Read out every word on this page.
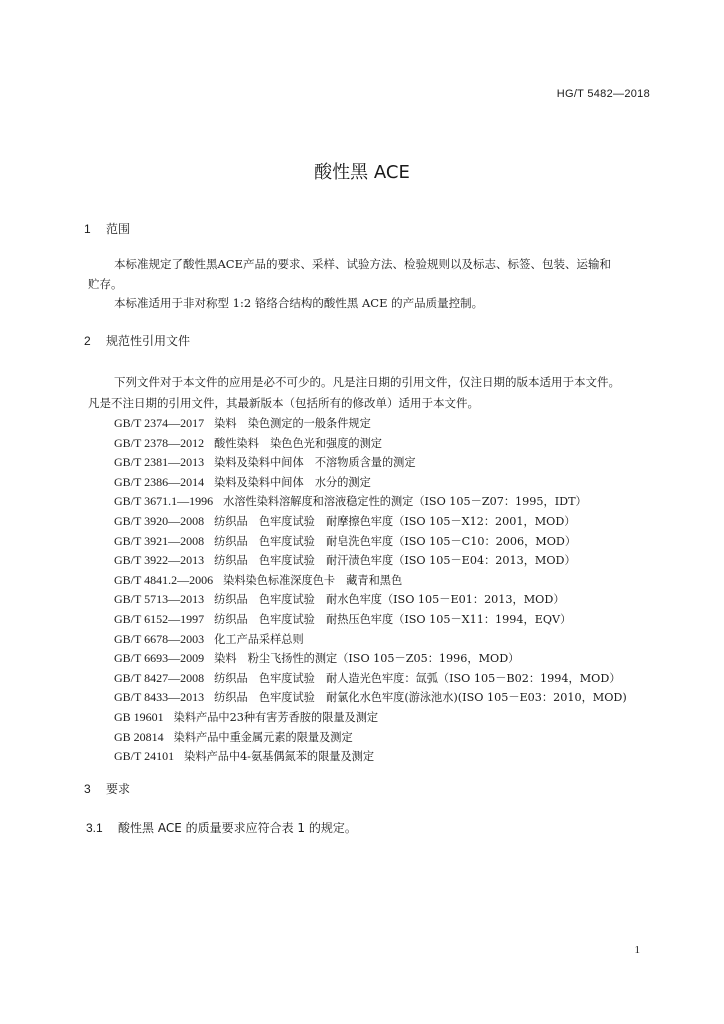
HG/T 5482—2018
酸性黑 ACE
1 范围
本标准规定了酸性黑ACE产品的要求、采样、试验方法、检验规则以及标志、标签、包装、运输和
贮存。
本标准适用于非对称型 1:2 铬络合结构的酸性黑 ACE 的产品质量控制。
2 规范性引用文件
下列文件对于本文件的应用是必不可少的。凡是注日期的引用文件，仅注日期的版本适用于本文件。
凡是不注日期的引用文件，其最新版本（包括所有的修改单）适用于本文件。
GB/T 2374—2017 染料　染色测定的一般条件规定
GB/T 2378—2012 酸性染料　染色色光和强度的测定
GB/T 2381—2013 染料及染料中间体　不溶物质含量的测定
GB/T 2386—2014 染料及染料中间体　水分的测定
GB/T 3671.1—1996 水溶性染料溶解度和溶液稳定性的测定（ISO 105－Z07：1995，IDT）
GB/T 3920—2008 纺织品　色牢度试验　耐摩擦色牢度（ISO 105－X12：2001，MOD）
GB/T 3921—2008 纺织品　色牢度试验　耐皂洗色牢度（ISO 105－C10：2006，MOD）
GB/T 3922—2013 纺织品　色牢度试验　耐汗渍色牢度（ISO 105－E04：2013，MOD）
GB/T 4841.2—2006 染料染色标准深度色卡　藏青和黑色
GB/T 5713—2013 纺织品　色牢度试验　耐水色牢度（ISO 105－E01：2013，MOD）
GB/T 6152—1997 纺织品　色牢度试验　耐热压色牢度（ISO 105－X11：1994，EQV）
GB/T 6678—2003 化工产品采样总则
GB/T 6693—2009 染料　粉尘飞扬性的测定（ISO 105－Z05：1996，MOD）
GB/T 8427—2008 纺织品　色牢度试验　耐人造光色牢度：氙弧（ISO 105－B02：1994，MOD）
GB/T 8433—2013 纺织品　色牢度试验　耐氯化水色牢度(游泳池水)(ISO 105－E03：2010，MOD)
GB 19601 染料产品中23种有害芳香胺的限量及测定
GB 20814 染料产品中重金属元素的限量及测定
GB/T 24101 染料产品中4-氨基偶氮苯的限量及测定
3 要求
3.1 酸性黑 ACE 的质量要求应符合表 1 的规定。
1
